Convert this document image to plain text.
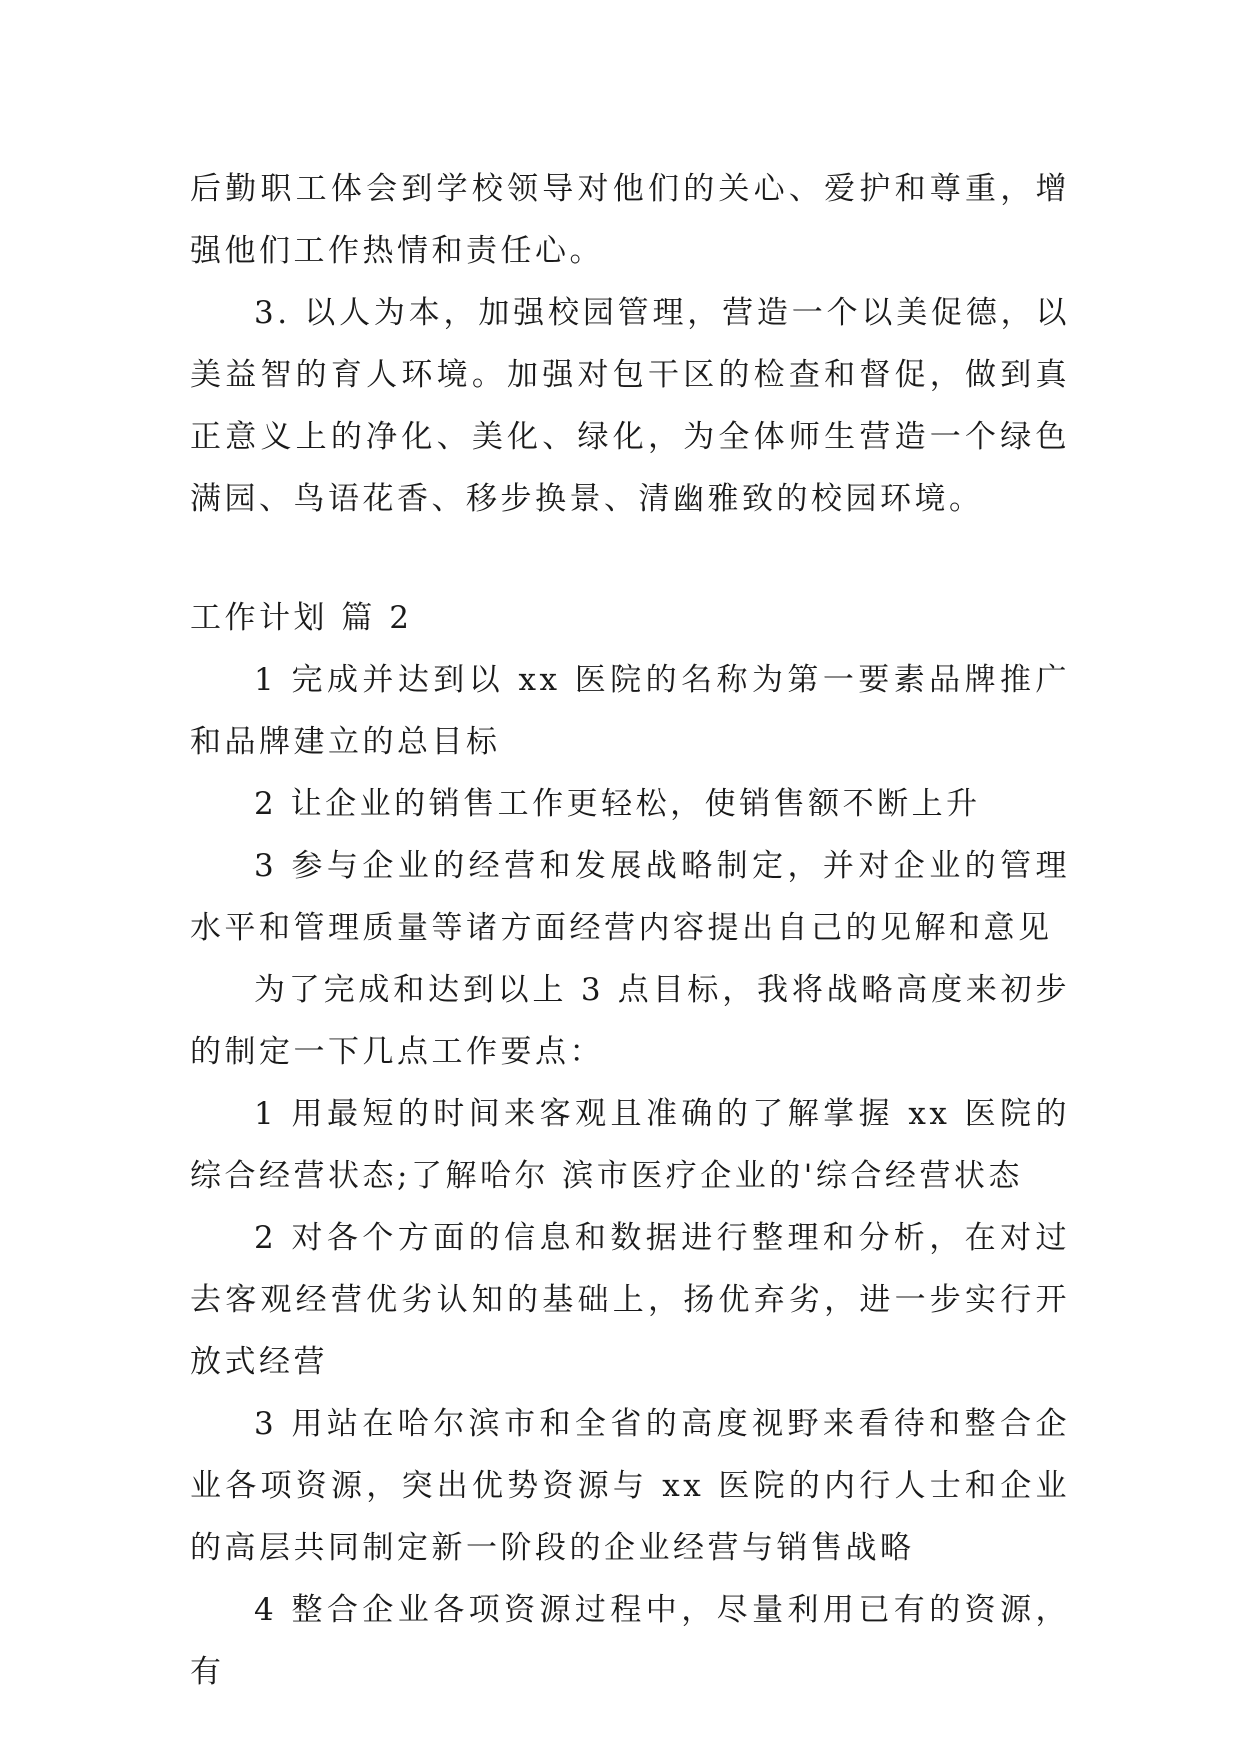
后勤职工体会到学校领导对他们的关心、爱护和尊重，增强他们工作热情和责任心。

3. 以人为本，加强校园管理，营造一个以美促德，以美益智的育人环境。加强对包干区的检查和督促，做到真正意义上的净化、美化、绿化，为全体师生营造一个绿色满园、鸟语花香、移步换景、清幽雅致的校园环境。

工作计划 篇 2

1 完成并达到以 xx 医院的名称为第一要素品牌推广和品牌建立的总目标

2 让企业的销售工作更轻松，使销售额不断上升

3 参与企业的经营和发展战略制定，并对企业的管理水平和管理质量等诸方面经营内容提出自己的见解和意见

为了完成和达到以上 3 点目标，我将战略高度来初步的制定一下几点工作要点：

1 用最短的时间来客观且准确的了解掌握 xx 医院的综合经营状态;了解哈尔 滨市医疗企业的'综合经营状态

2 对各个方面的信息和数据进行整理和分析，在对过去客观经营优劣认知的基础上，扬优弃劣，进一步实行开放式经营

3 用站在哈尔滨市和全省的高度视野来看待和整合企业各项资源，突出优势资源与 xx 医院的内行人士和企业的高层共同制定新一阶段的企业经营与销售战略

4 整合企业各项资源过程中，尽量利用已有的资源，有
